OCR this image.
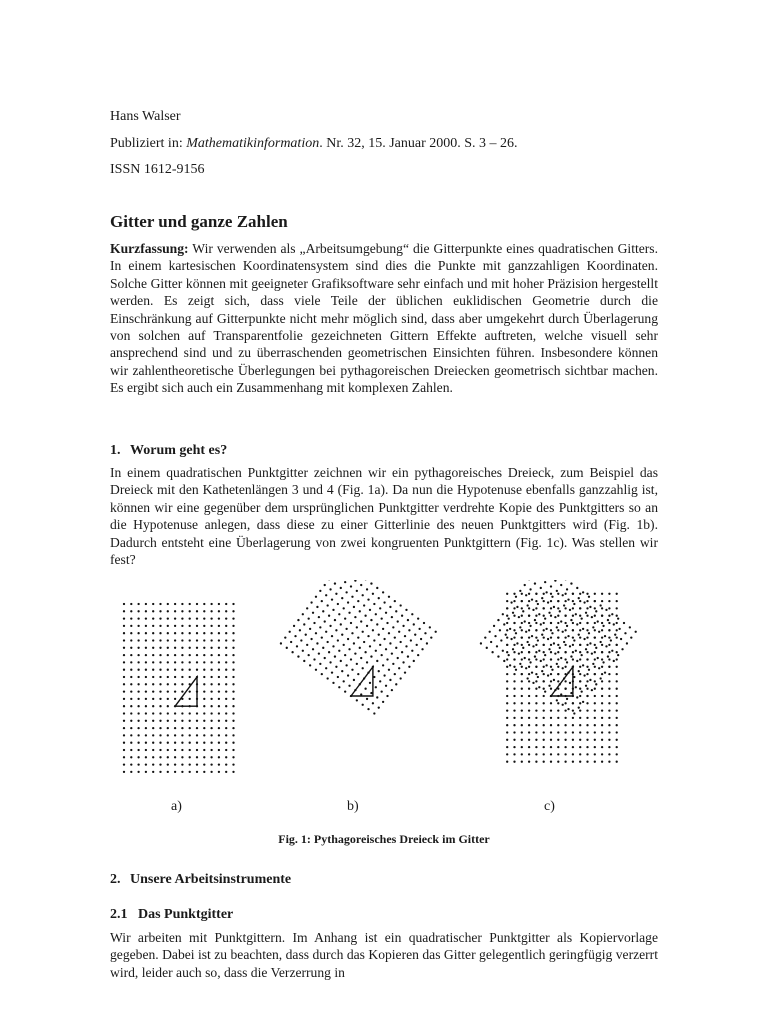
Hans Walser
Publiziert in: Mathematikinformation. Nr. 32, 15. Januar 2000. S. 3 – 26.
ISSN 1612-9156
Gitter und ganze Zahlen

Kurzfassung: Wir verwenden als „Arbeitsumgebung“ die Gitterpunkte eines quadratischen Gitters. In einem kartesischen Koordinatensystem sind dies die Punkte mit ganzzahligen Koordinaten. Solche Gitter können mit geeigneter Grafiksoftware sehr einfach und mit hoher Präzision hergestellt werden. Es zeigt sich, dass viele Teile der üblichen euklidischen Geometrie durch die Einschränkung auf Gitterpunkte nicht mehr möglich sind, dass aber umgekehrt durch Überlagerung von solchen auf Transparentfolie gezeichneten Gittern Effekte auftreten, welche visuell sehr ansprechend sind und zu überraschenden geometrischen Einsichten führen. Insbesondere können wir zahlentheoretische Überlegungen bei pythagoreischen Dreiecken geometrisch sichtbar machen. Es ergibt sich auch ein Zusammenhang mit komplexen Zahlen.

1. Worum geht es?

In einem quadratischen Punktgitter zeichnen wir ein pythagoreisches Dreieck, zum Beispiel das Dreieck mit den Kathetenlängen 3 und 4 (Fig. 1a). Da nun die Hypotenuse ebenfalls ganzzahlig ist, können wir eine gegenüber dem ursprünglichen Punktgitter verdrehte Kopie des Punktgitters so an die Hypotenuse anlegen, dass diese zu einer Gitterlinie des neuen Punktgitters wird (Fig. 1b). Dadurch entsteht eine Überlagerung von zwei kongruenten Punktgittern (Fig. 1c). Was stellen wir fest?

a)	b)	c)
Fig. 1: Pythagoreisches Dreieck im Gitter
2. Unsere Arbeitsinstrumente
2.1 Das Punktgitter

Wir arbeiten mit Punktgittern. Im Anhang ist ein quadratischer Punktgitter als Kopiervorlage gegeben. Dabei ist zu beachten, dass durch das Kopieren das Gitter gelegentlich geringfügig verzerrt wird, leider auch so, dass die Verzerrung in
